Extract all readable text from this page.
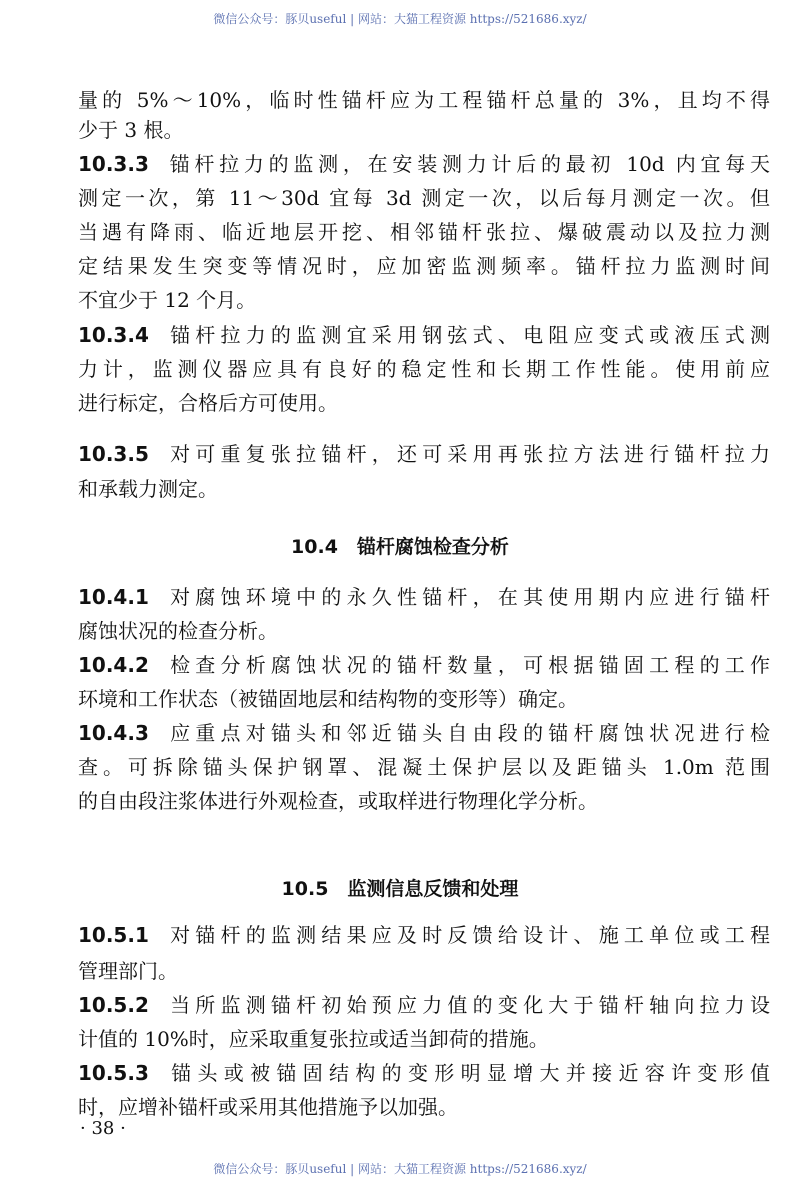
微信公众号：豚贝useful | 网站：大猫工程资源 https://521686.xyz/
量的 5%～10%，临时性锚杆应为工程锚杆总量的 3%，且均不得
少于 3 根。
10.3.3 锚杆拉力的监测，在安装测力计后的最初 10d 内宜每天
测定一次，第 11～30d 宜每 3d 测定一次，以后每月测定一次。但
当遇有降雨、临近地层开挖、相邻锚杆张拉、爆破震动以及拉力测
定结果发生突变等情况时，应加密监测频率。锚杆拉力监测时间
不宜少于 12 个月。
10.3.4 锚杆拉力的监测宜采用钢弦式、电阻应变式或液压式测
力计，监测仪器应具有良好的稳定性和长期工作性能。使用前应
进行标定，合格后方可使用。
10.3.5 对可重复张拉锚杆，还可采用再张拉方法进行锚杆拉力
和承载力测定。
10.4　锚杆腐蚀检查分析
10.4.1 对腐蚀环境中的永久性锚杆，在其使用期内应进行锚杆
腐蚀状况的检查分析。
10.4.2 检查分析腐蚀状况的锚杆数量，可根据锚固工程的工作
环境和工作状态（被锚固地层和结构物的变形等）确定。
10.4.3 应重点对锚头和邻近锚头自由段的锚杆腐蚀状况进行检
查。可拆除锚头保护钢罩、混凝土保护层以及距锚头 1.0m 范围
的自由段注浆体进行外观检查，或取样进行物理化学分析。
10.5　监测信息反馈和处理
10.5.1 对锚杆的监测结果应及时反馈给设计、施工单位或工程
管理部门。
10.5.2 当所监测锚杆初始预应力值的变化大于锚杆轴向拉力设
计值的 10%时，应采取重复张拉或适当卸荷的措施。
10.5.3 锚头或被锚固结构的变形明显增大并接近容许变形值
时，应增补锚杆或采用其他措施予以加强。
· 38 ·
微信公众号：豚贝useful | 网站：大猫工程资源 https://521686.xyz/
